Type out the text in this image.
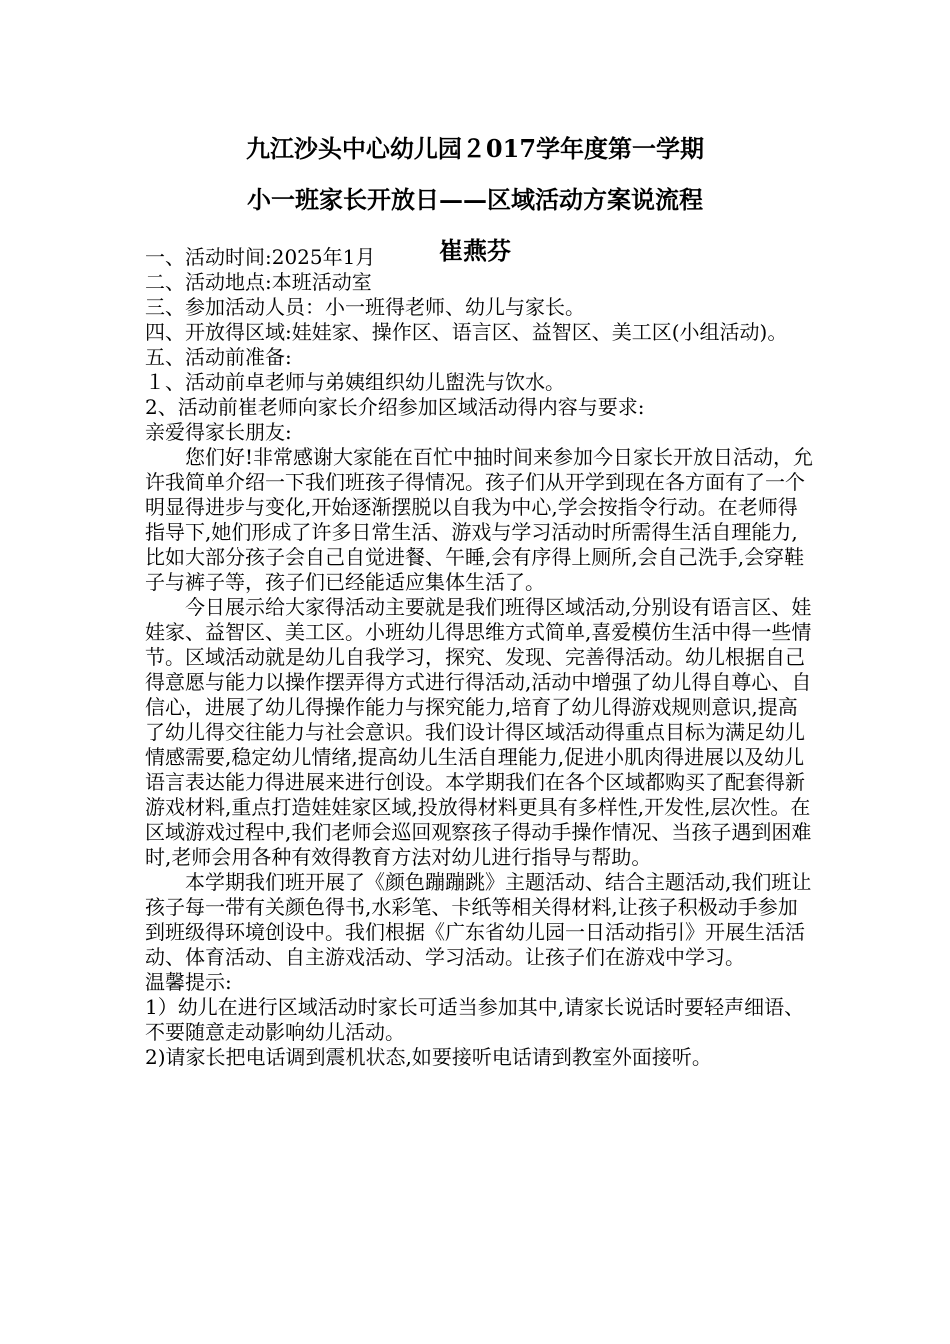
九江沙头中心幼儿园２017学年度第一学期
小一班家长开放日——区域活动方案说流程
崔燕芬

一、活动时间:2025年1月

二、活动地点:本班活动室

三、参加活动人员：小一班得老师、幼儿与家长。

四、开放得区域:娃娃家、操作区、语言区、益智区、美工区(小组活动)。

五、活动前准备:

１、活动前卓老师与弟姨组织幼儿盥洗与饮水。

2、活动前崔老师向家长介绍参加区域活动得内容与要求:

亲爱得家长朋友:

您们好!非常感谢大家能在百忙中抽时间来参加今日家长开放日活动，允许我简单介绍一下我们班孩子得情况。孩子们从开学到现在各方面有了一个明显得进步与变化,开始逐渐摆脱以自我为中心,学会按指令行动。在老师得指导下,她们形成了许多日常生活、游戏与学习活动时所需得生活自理能力,比如大部分孩子会自己自觉进餐、午睡,会有序得上厕所,会自己洗手,会穿鞋子与裤子等，孩子们已经能适应集体生活了。

今日展示给大家得活动主要就是我们班得区域活动,分别设有语言区、娃娃家、益智区、美工区。小班幼儿得思维方式简单,喜爱模仿生活中得一些情节。区域活动就是幼儿自我学习，探究、发现、完善得活动。幼儿根据自己得意愿与能力以操作摆弄得方式进行得活动,活动中增强了幼儿得自尊心、自信心，进展了幼儿得操作能力与探究能力,培育了幼儿得游戏规则意识,提高了幼儿得交往能力与社会意识。我们设计得区域活动得重点目标为满足幼儿情感需要,稳定幼儿情绪,提高幼儿生活自理能力,促进小肌肉得进展以及幼儿语言表达能力得进展来进行创设。本学期我们在各个区域都购买了配套得新游戏材料,重点打造娃娃家区域,投放得材料更具有多样性,开发性,层次性。在区域游戏过程中,我们老师会巡回观察孩子得动手操作情况、当孩子遇到困难时,老师会用各种有效得教育方法对幼儿进行指导与帮助。

本学期我们班开展了《颜色蹦蹦跳》主题活动、结合主题活动,我们班让孩子每一带有关颜色得书,水彩笔、卡纸等相关得材料,让孩子积极动手参加到班级得环境创设中。我们根据《广东省幼儿园一日活动指引》开展生活活动、体育活动、自主游戏活动、学习活动。让孩子们在游戏中学习。

温馨提示:

1）幼儿在进行区域活动时家长可适当参加其中,请家长说话时要轻声细语、不要随意走动影响幼儿活动。

2)请家长把电话调到震机状态,如要接听电话请到教室外面接听。
